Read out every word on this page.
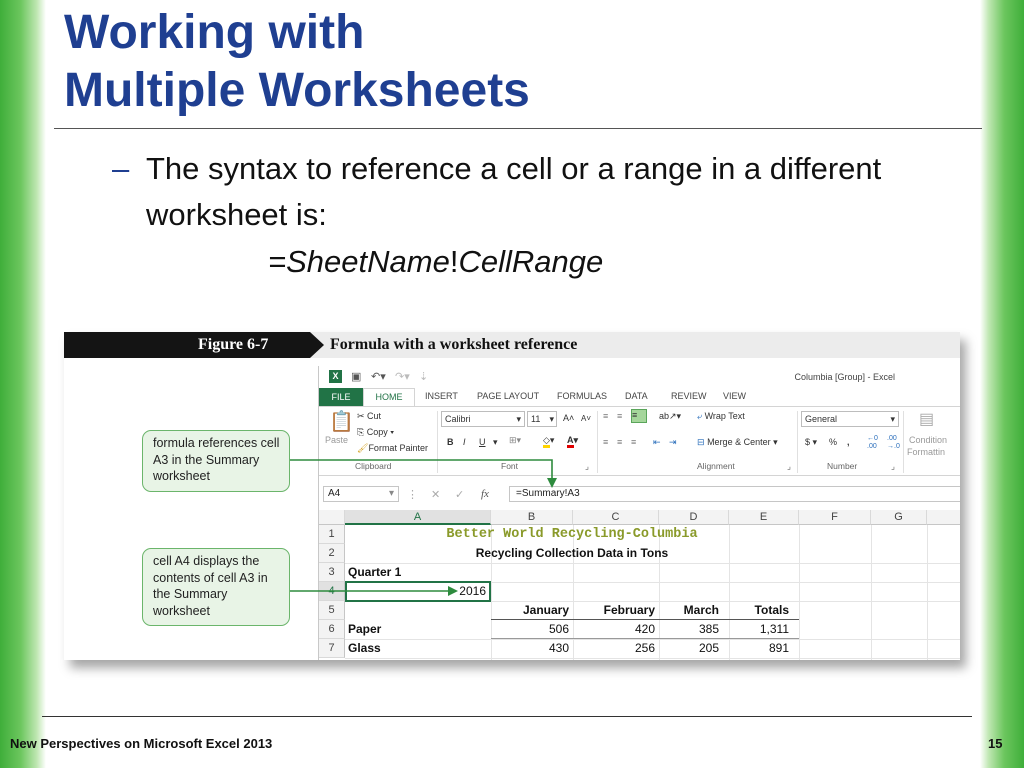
Working with
Multiple Worksheets
– The syntax to reference a cell or a range in a different worksheet is:
=SheetName!CellRange
Figure 6-7	Formula with a worksheet reference
formula references cell A3 in the Summary worksheet
cell A4 displays the contents of cell A3 in the Summary worksheet
X	▣ ↶▾ ↷▾ ⇣	Columbia [Group] - Excel
FILE	HOME	INSERT PAGE LAYOUT FORMULAS DATA	REVIEW VIEW
📋
Paste
✂ Cut
⎘ Copy ▾
🖌Format Painter
Clipboard
Calibri	▾	11 ▾ A˄ A˅
B I U ▾ ⊞▾ ◇▾ A▾
Font	⌟
≡ ≡ ≡	ab↗▾ ⤶ Wrap Text
≡ ≡ ≡ ⇤ ⇥ ⊟ Merge & Center ▾
Alignment	⌟
General	▾
$ ▾ % , ←0
.00
.00
→.0
Number	⌟
▤
Condition
Formattin
A4	▾ ⋮ ✕ ✓ fx	=Summary!A3
A	B	C	D	E	F	G
1
2
3
4
5
6
7
Better World Recycling-Columbia
Recycling Collection Data in Tons
Quarter 1
2016
January	February	March	Totals
Paper	506	420	385	1,311
Glass	430	256	205	891
New Perspectives on Microsoft Excel 2013	15
